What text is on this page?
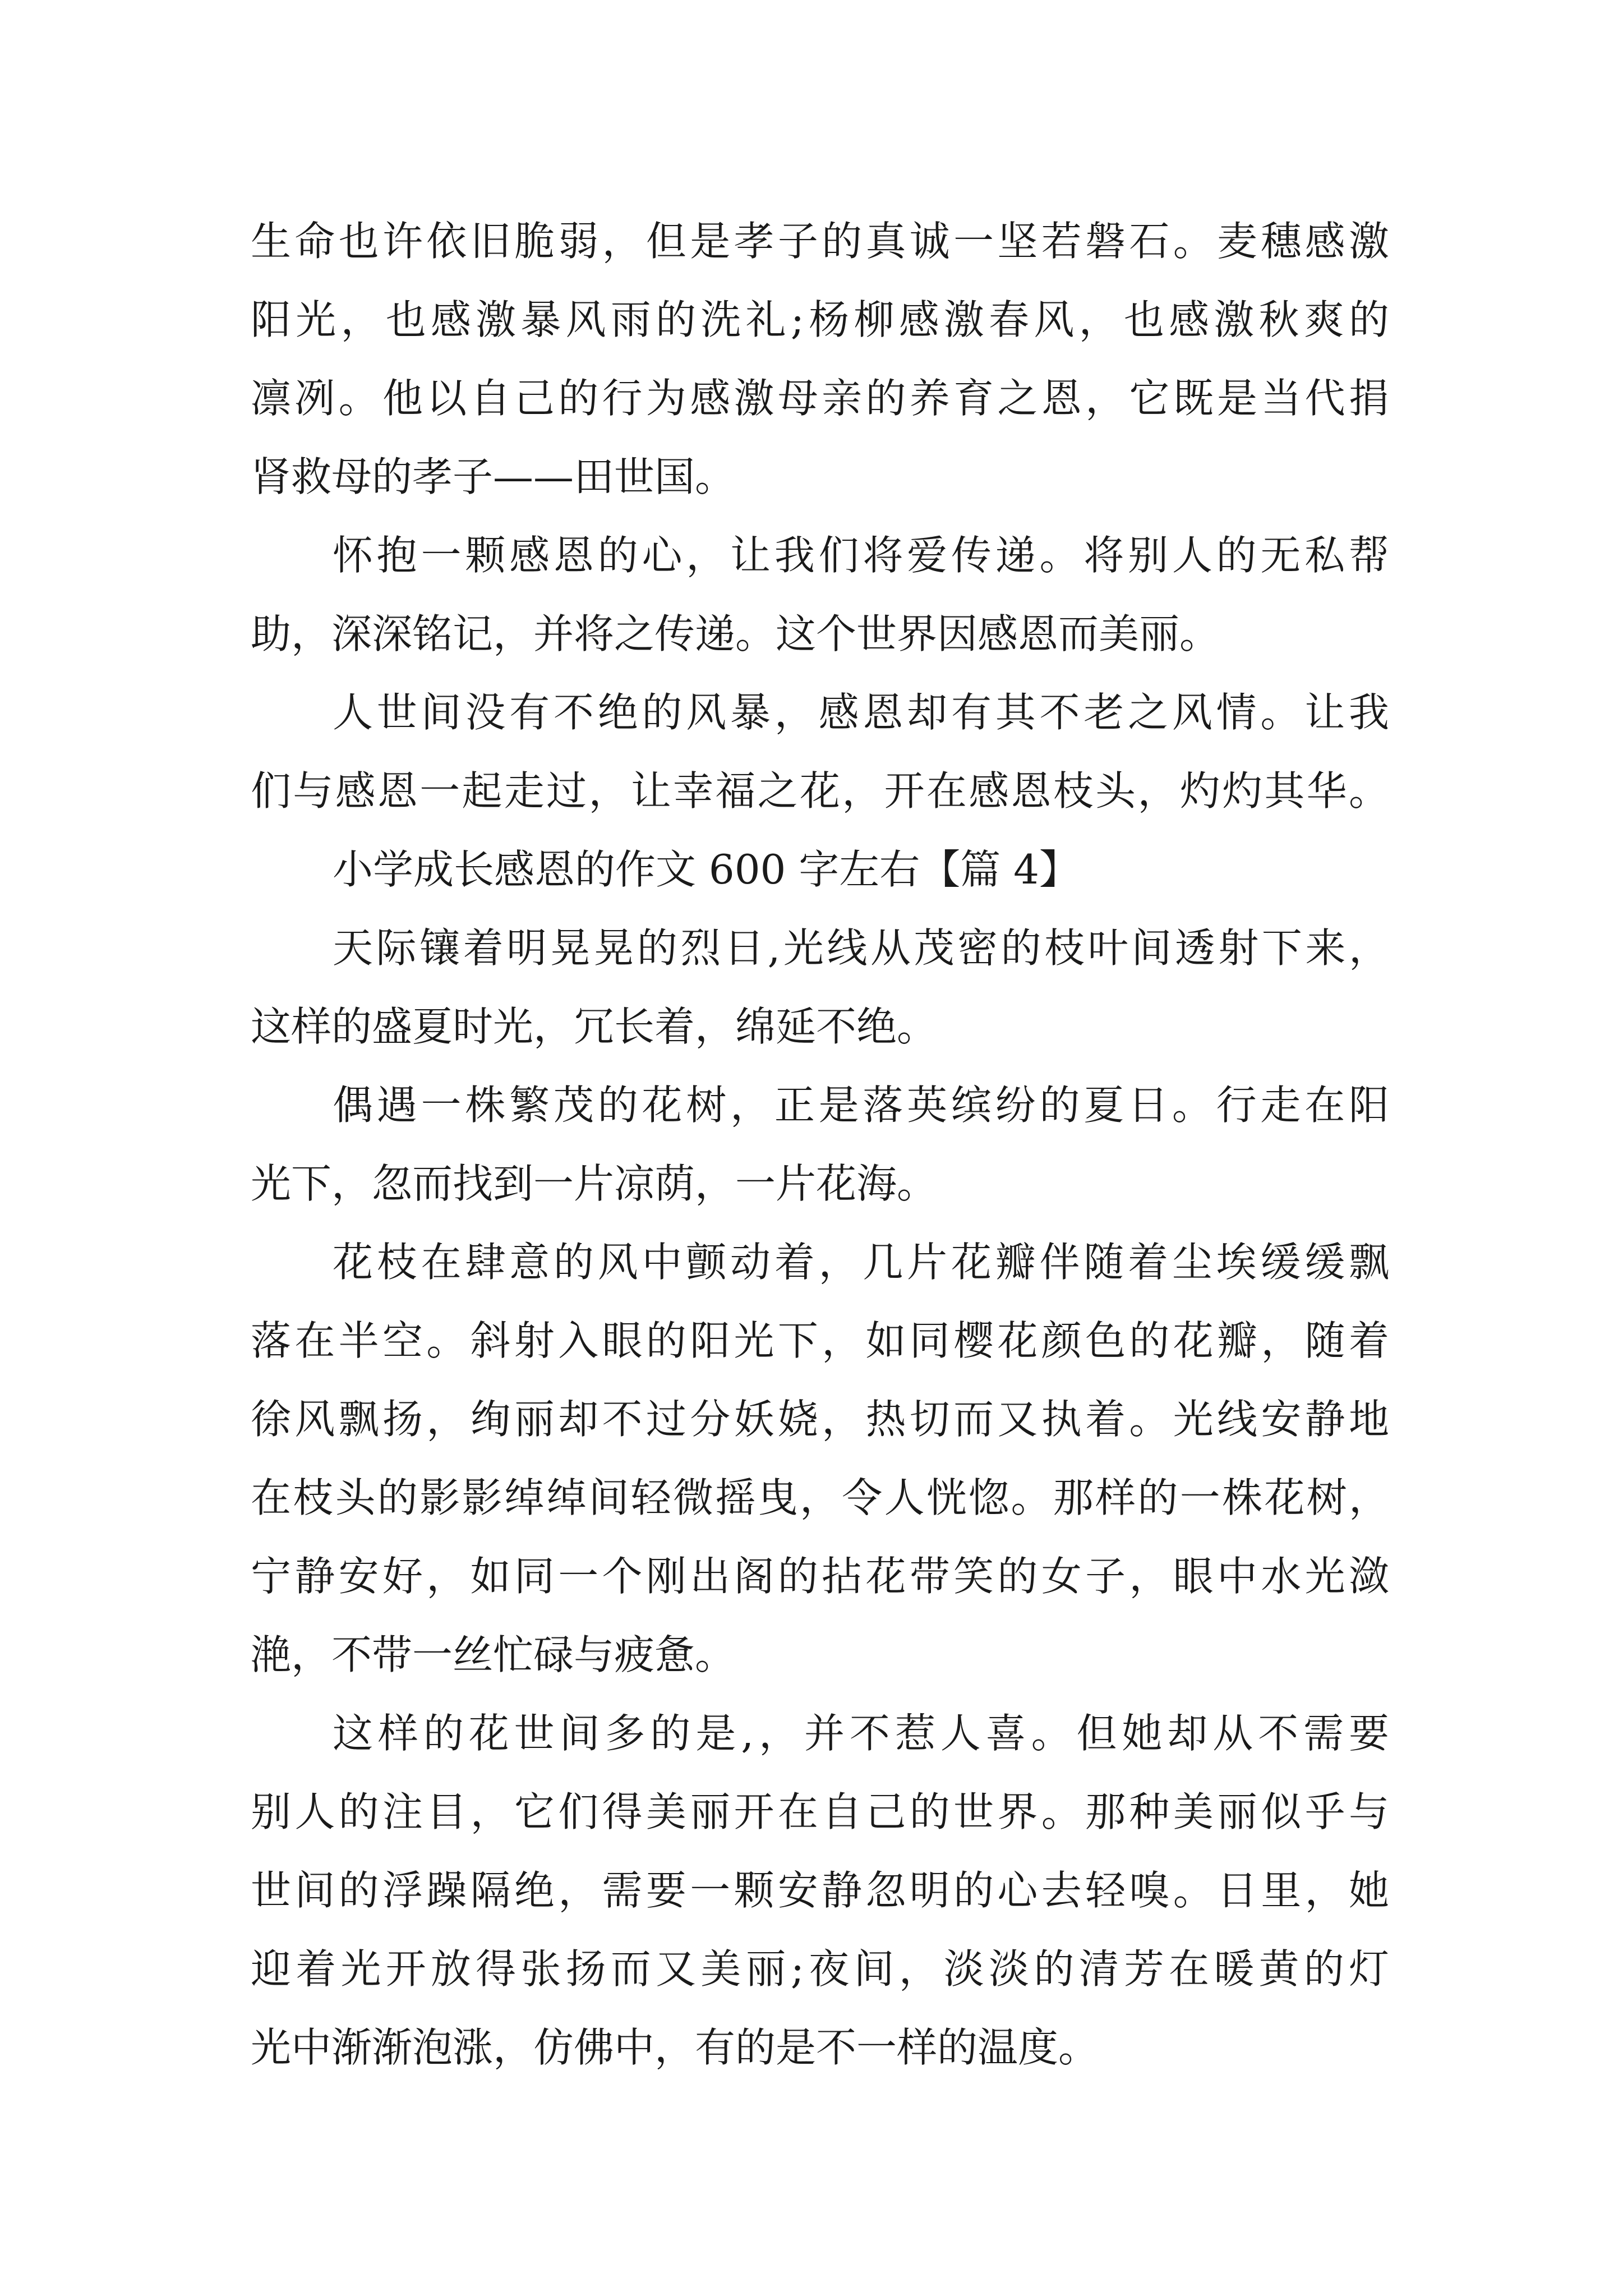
生命也许依旧脆弱，但是孝子的真诚一坚若磐石。麦穗感激
阳光，也感激暴风雨的洗礼;杨柳感激春风，也感激秋爽的
凛冽。他以自己的行为感激母亲的养育之恩，它既是当代捐
肾救母的孝子——田世国。
怀抱一颗感恩的心，让我们将爱传递。将别人的无私帮
助，深深铭记，并将之传递。这个世界因感恩而美丽。
人世间没有不绝的风暴，感恩却有其不老之风情。让我
们与感恩一起走过，让幸福之花，开在感恩枝头，灼灼其华。
小学成长感恩的作文 600 字左右【篇 4】
天际镶着明晃晃的烈日,光线从茂密的枝叶间透射下来，
这样的盛夏时光，冗长着，绵延不绝。
偶遇一株繁茂的花树，正是落英缤纷的夏日。行走在阳
光下，忽而找到一片凉荫，一片花海。
花枝在肆意的风中颤动着，几片花瓣伴随着尘埃缓缓飘
落在半空。斜射入眼的阳光下，如同樱花颜色的花瓣，随着
徐风飘扬，绚丽却不过分妖娆，热切而又执着。光线安静地
在枝头的影影绰绰间轻微摇曳，令人恍惚。那样的一株花树，
宁静安好，如同一个刚出阁的拈花带笑的女子，眼中水光潋
滟，不带一丝忙碌与疲惫。
这样的花世间多的是,，并不惹人喜。但她却从不需要
别人的注目，它们得美丽开在自己的世界。那种美丽似乎与
世间的浮躁隔绝，需要一颗安静忽明的心去轻嗅。日里，她
迎着光开放得张扬而又美丽;夜间，淡淡的清芳在暖黄的灯
光中渐渐泡涨，仿佛中，有的是不一样的温度。
